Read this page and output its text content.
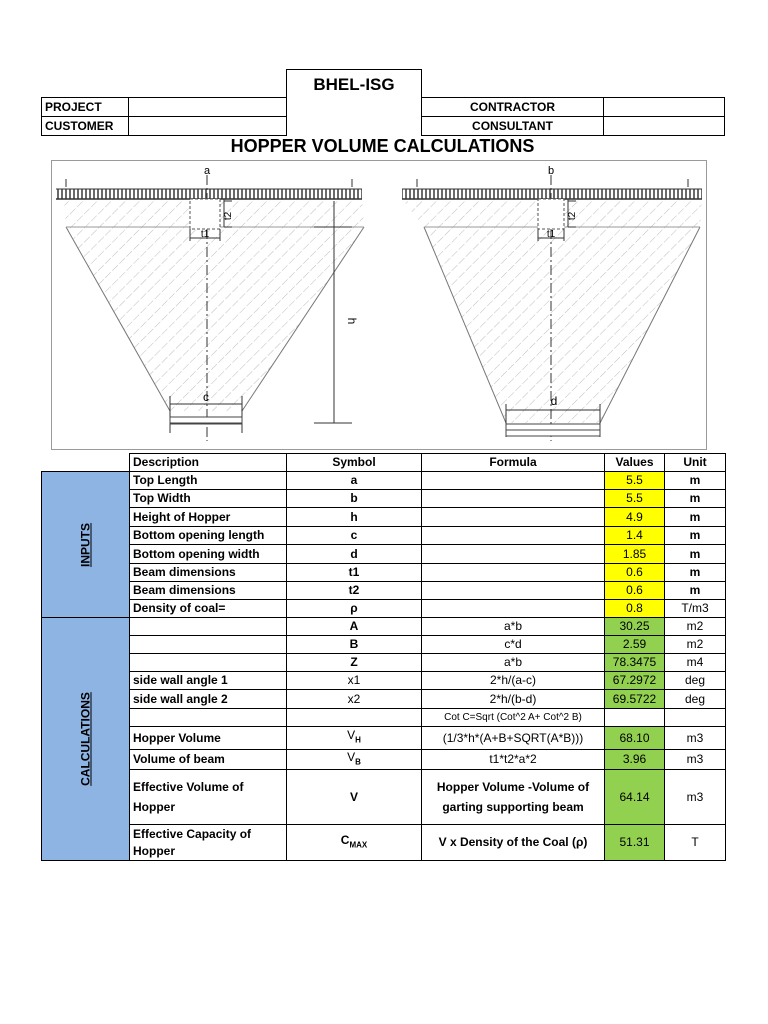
BHEL-ISG
PROJECT			CONTRACTOR	
CUSTOMER			CONSULTANT	
HOPPER VOLUME CALCULATIONS
a
t2
t1
h
c
b
t2
t1
d
	Description	Symbol	Formula	Values	Unit

INPUTS	Top Length	a		5.5	m
	Top Width	b		5.5	m
	Height of Hopper	h		4.9	m
	Bottom opening length	c		1.4	m
	Bottom opening width	d		1.85	m
	Beam dimensions	t1		0.6	m
	Beam dimensions	t2		0.6	m
	Density of coal=	ρ		0.8	T/m3

CALCULATIONS		A	a*b	30.25	m2
		B	c*d	2.59	m2
		Z	a*b	78.3475	m4
	side wall angle 1	x1	2*h/(a-c)	67.2972	deg
	side wall angle 2	x2	2*h/(b-d)	69.5722	deg
			Cot C=Sqrt (Cot^2 A+ Cot^2 B)		
	Hopper Volume	$V_H$	(1/3*h*(A+B+SQRT(A*B)))	68.10	m3
	Volume of beam	$V_B$	t1*t2*a*2	3.96	m3
	Effective Volume of Hopper	V	Hopper Volume -Volume of garting supporting beam	64.14	m3
	Effective Capacity of Hopper	$C_{MAX}$	V x Density of the Coal (ρ)	51.31	T
